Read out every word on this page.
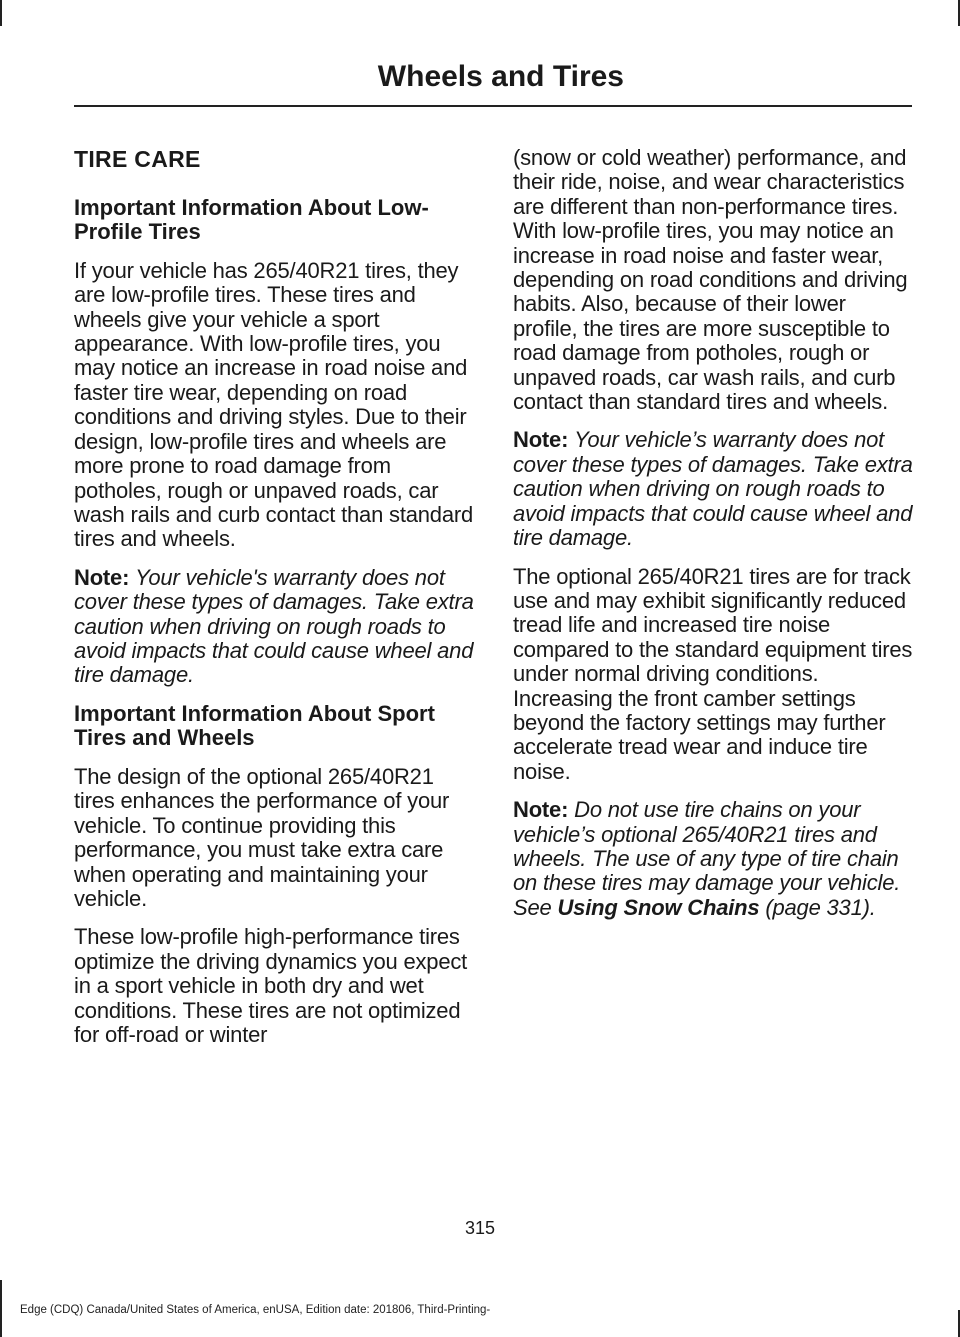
Wheels and Tires
TIRE CARE
Important Information About Low-Profile Tires

If your vehicle has 265/40R21 tires, they are low-profile tires. These tires and wheels give your vehicle a sport appearance. With low-profile tires, you may notice an increase in road noise and faster tire wear, depending on road conditions and driving styles. Due to their design, low-profile tires and wheels are more prone to road damage from potholes, rough or unpaved roads, car wash rails and curb contact than standard tires and wheels.

Note: Your vehicle's warranty does not cover these types of damages. Take extra caution when driving on rough roads to avoid impacts that could cause wheel and tire damage.

Important Information About Sport Tires and Wheels

The design of the optional 265/40R21 tires enhances the performance of your vehicle. To continue providing this performance, you must take extra care when operating and maintaining your vehicle.

These low-profile high-performance tires optimize the driving dynamics you expect in a sport vehicle in both dry and wet conditions. These tires are not optimized for off-road or winter

(snow or cold weather) performance, and their ride, noise, and wear characteristics are different than non-performance tires. With low-profile tires, you may notice an increase in road noise and faster wear, depending on road conditions and driving habits. Also, because of their lower profile, the tires are more susceptible to road damage from potholes, rough or unpaved roads, car wash rails, and curb contact than standard tires and wheels.

Note: Your vehicle’s warranty does not cover these types of damages. Take extra caution when driving on rough roads to avoid impacts that could cause wheel and tire damage.

The optional 265/40R21 tires are for track use and may exhibit significantly reduced tread life and increased tire noise compared to the standard equipment tires under normal driving conditions. Increasing the front camber settings beyond the factory settings may further accelerate tread wear and induce tire noise.

Note: Do not use tire chains on your vehicle’s optional 265/40R21 tires and wheels. The use of any type of tire chain on these tires may damage your vehicle. See Using Snow Chains (page 331).

315
Edge (CDQ) Canada/United States of America, enUSA, Edition date: 201806, Third-Printing-
